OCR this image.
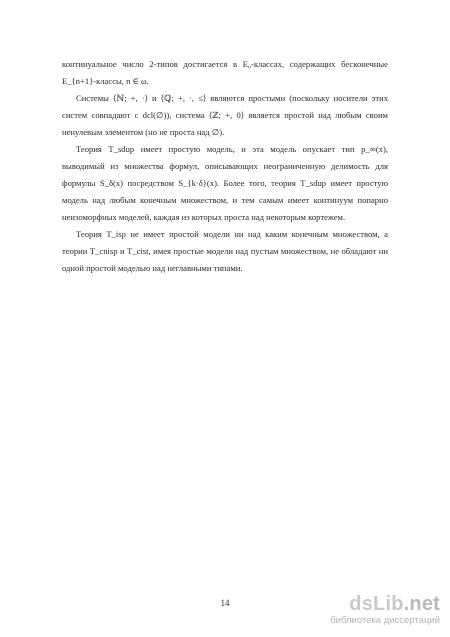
континуальное число 2-типов достигается в E₀-классах, содержащих бесконечные E_{n+1}-классы, n ∈ ω.

Системы ⟨ℕ; +, ·⟩ и ⟨ℚ; +, ·, ≤⟩ являются простыми (поскольку носители этих систем совпадают с dcl(∅)), система ⟨ℤ; +, 0⟩ является простой над любым своим ненулевым элементом (но не проста над ∅).

Теория T_sdup имеет простую модель, и эта модель опускает тип p_∞(x), выводимый из множества формул, описывающих неограниченную делимость для формулы S_δ(x) посредством S_{k·δ}(x). Более того, теория T_sdup имеет простую модель над любым конечным множеством, и тем самым имеет континуум попарно неизоморфных моделей, каждая из которых проста над некоторым кортежем.

Теория T_isp не имеет простой модели ни над каким конечным множеством, а теории T_cnisp и T_cist, имея простые модели над пустым множеством, не обладают ни одной простой моделью над неглавными типами.

14	dsLib.net
библиотека диссертаций
